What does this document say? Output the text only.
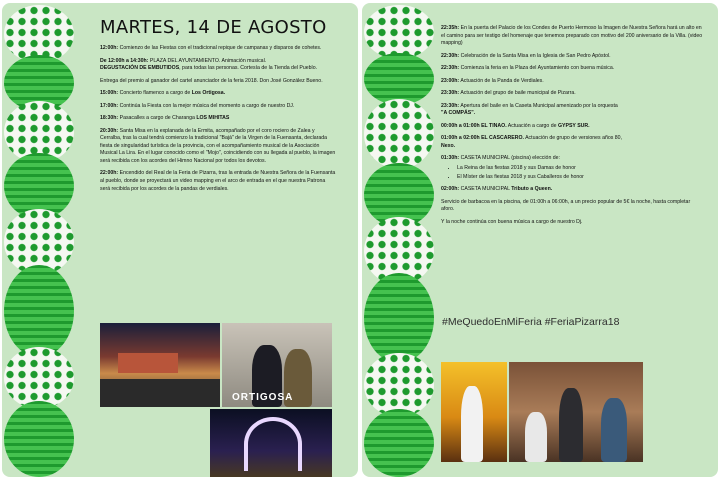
MARTES, 14 DE AGOSTO

12:00h: Comienzo de las Fiestas con el tradicional repique de campanas y disparos de cohetes.

De 12:00h a 14:30h: PLAZA DEL AYUNTAMIENTO. Animación musical.
DEGUSTACIÓN DE EMBUTIDOS, para todas las personas. Cortesía de la Tienda del Pueblo.

Entrega del premio al ganador del cartel anunciador de la feria 2018. Don José González Bueno.

15:00h: Concierto flamenco a cargo de Los Ortigosa.

17:00h: Continúa la Fiesta con la mejor música del momento a cargo de nuestro DJ.

18:30h: Pasacalles a cargo de Charanga LOS MIHITAS

20:30h: Santa Misa en la explanada de la Ermita, acompañado por el coro rociero de Zalea y Cerralba, tras la cual tendrá comienzo la tradicional "Bajá" de la Virgen de la Fuensanta, declarada fiesta de singularidad turística de la provincia, con el acompañamiento musical de la Asociación Musical La Lira. En el lugar conocido como el "Mojo", coincidiendo con su llegada al pueblo, la imagen será recibida con los acordes del Himno Nacional por todos los devotos.

22:00h: Encendido del Real de la Feria de Pizarra, tras la entrada de Nuestra Señora de la Fuensanta al pueblo, donde se proyectará un video mapping en el arco de entrada en el que nuestra Patrona será recibida por los acordes de la pandas de verdiales.

ORTIGOSA

22:35h: En la puerta del Palacio de los Condes de Puerto Hermoso la Imagen de Nuestra Señora hará un alto en el camino para ser testigo del homenaje que tenemos preparado con motivo del 200 aniversario de la Villa. (video mapping)

22:30h: Celebración de la Santa Misa en la Iglesia de San Pedro Apóstol.

22:30h: Comienza la feria en la Plaza del Ayuntamiento con buena música.

23:00h: Actuación de la Panda de Verdiales.

23:30h: Actuación del grupo de baile municipal de Pizarra.

23:30h: Apertura del baile en la Caseta Municipal amenizado por la orquesta
"A COMPÁS".

00:00h a 01:00h EL TINAO. Actuación a cargo de GYPSY SUR.

01:00h a 02:00h EL CASCARERO. Actuación de grupo de versiones años 80,
Nexo.

01:30h: CASETA MUNICIPAL (piscina) elección de:

• La Reina de las fiestas 2018 y sus Damas de honor
• El Míster de las fiestas 2018 y sus Caballeros de honor

02:00h: CASETA MUNICIPAL Tributo a Queen.

Servicio de barbacoa en la piscina, de 01:00h a 06:00h, a un precio popular de 5€ la noche, hasta completar aforo.

Y la noche continúa con buena música a cargo de nuestro Dj.

#MeQuedoEnMiFeria #FeriaPizarra18
